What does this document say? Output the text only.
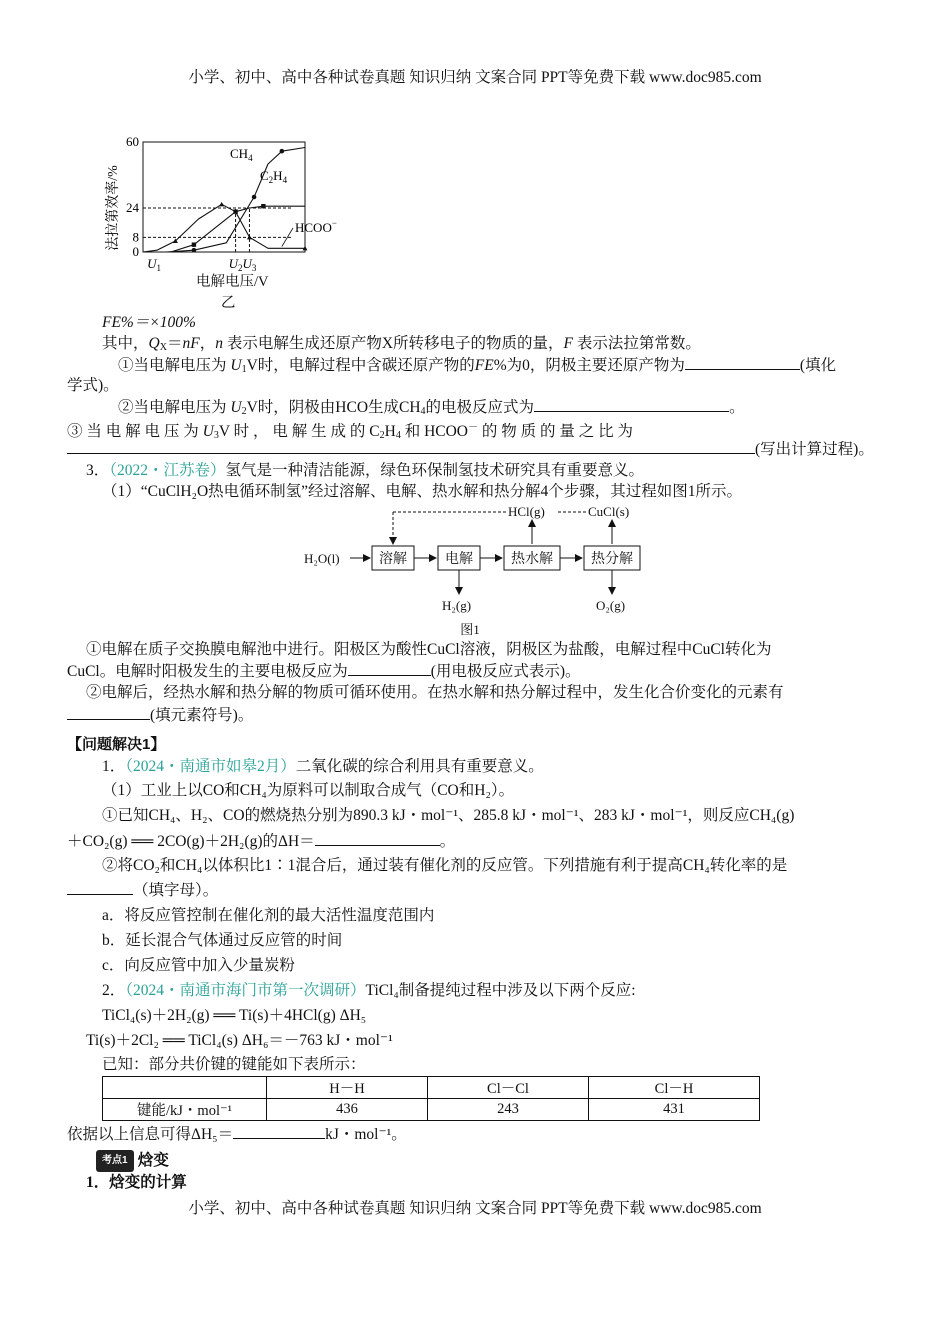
小学、初中、高中各种试卷真题 知识归纳 文案合同 PPT等免费下载 www.doc985.com
小学、初中、高中各种试卷真题 知识归纳 文案合同 PPT等免费下载 www.doc985.com
法拉第效率/%
0
8
24
60
$U_1$	$U_2$ $U_3$
$CH_4$
$C_2H_4$
HCOO−
电解电压/V
乙
FE%＝×100%
其中，$Q_X=nF$，n 表示电解生成还原产物X所转移电子的物质的量，F 表示法拉第常数。
①当电解电压为 $U_1V$时，电解过程中含碳还原产物的FE%为0，阴极主要还原产物为	(填化
学式)。
②当电解电压为 $U_2V$时，阴极由HCO生成$CH_4$的电极反应式为	。
③ 当 电 解 电 压 为 $U_3V$ 时 ， 电 解 生 成 的 $C_2H_4$ 和 HCOO－ 的 物 质 的 量 之 比 为
(写出计算过程)。
3．（2022・江苏卷）氢气是一种清洁能源，绿色环保制氢技术研究具有重要意义。
（1）“CuClH₂O热电循环制氢”经过溶解、电解、热水解和热分解4个步骤，其过程如图1所示。
H₂O(l)	溶解	电解	热水解	热分解
HCl(g)	CuCl(s)
H₂(g)	O₂(g)
图1
①电解在质子交换膜电解池中进行。阳极区为酸性CuCl溶液，阴极区为盐酸，电解过程中CuCl转化为
CuCl。电解时阳极发生的主要电极反应为	(用电极反应式表示)。
②电解后，经热水解和热分解的物质可循环使用。在热水解和热分解过程中，发生化合价变化的元素有
(填元素符号)。
【问题解决1】
1．（2024・南通市如皋2月）二氧化碳的综合利用具有重要意义。
（1）工业上以CO和CH₄为原料可以制取合成气（CO和H₂）。
①已知CH₄、H₂、CO的燃烧热分别为890.3 kJ・mol⁻¹、285.8 kJ・mol⁻¹、283 kJ・mol⁻¹，则反应CH₄(g)
＋CO₂(g) ══ 2CO(g)＋2H₂(g)的ΔH＝	。
②将CO₂和CH₄以体积比1∶1混合后，通过装有催化剂的反应管。下列措施有利于提高CH₄转化率的是
（填字母）。
a．将反应管控制在催化剂的最大活性温度范围内
b．延长混合气体通过反应管的时间
c．向反应管中加入少量炭粉
2．（2024・南通市海门市第一次调研）TiCl₄制备提纯过程中涉及以下两个反应:
TiCl₄(s)＋2H₂(g) ══ Ti(s)＋4HCl(g) ΔH₅
Ti(s)＋2Cl₂ ══ TiCl₄(s) ΔH₆＝－763 kJ・mol⁻¹
已知：部分共价键的键能如下表所示：
	H－H	Cl－Cl	Cl－H
键能/kJ・mol⁻¹	436	243	431
依据以上信息可得ΔH₅＝	kJ・mol⁻¹。
考点1 焓变
1．焓变的计算
